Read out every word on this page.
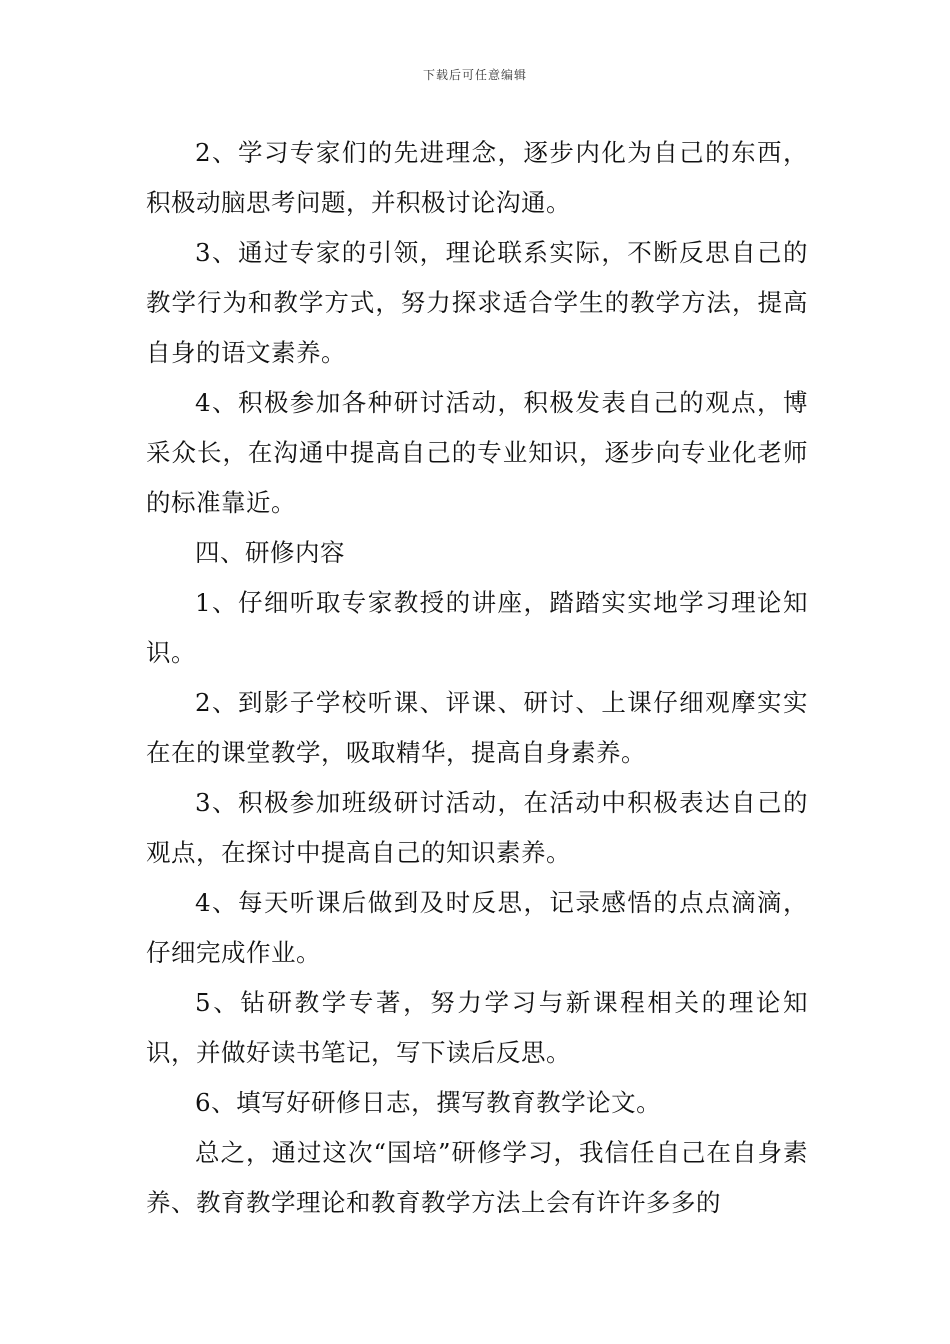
下载后可任意编辑

2、学习专家们的先进理念，逐步内化为自己的东西，积极动脑思考问题，并积极讨论沟通。

3、通过专家的引领，理论联系实际，不断反思自己的教学行为和教学方式，努力探求适合学生的教学方法，提高自身的语文素养。

4、积极参加各种研讨活动，积极发表自己的观点，博采众长，在沟通中提高自己的专业知识，逐步向专业化老师的标准靠近。

四、研修内容

1、仔细听取专家教授的讲座，踏踏实实地学习理论知识。

2、到影子学校听课、评课、研讨、上课仔细观摩实实在在的课堂教学，吸取精华，提高自身素养。

3、积极参加班级研讨活动，在活动中积极表达自己的观点，在探讨中提高自己的知识素养。

4、每天听课后做到及时反思，记录感悟的点点滴滴，仔细完成作业。

5、钻研教学专著，努力学习与新课程相关的理论知识，并做好读书笔记，写下读后反思。

6、填写好研修日志，撰写教育教学论文。

总之，通过这次“国培”研修学习，我信任自己在自身素养、教育教学理论和教育教学方法上会有许许多多的
